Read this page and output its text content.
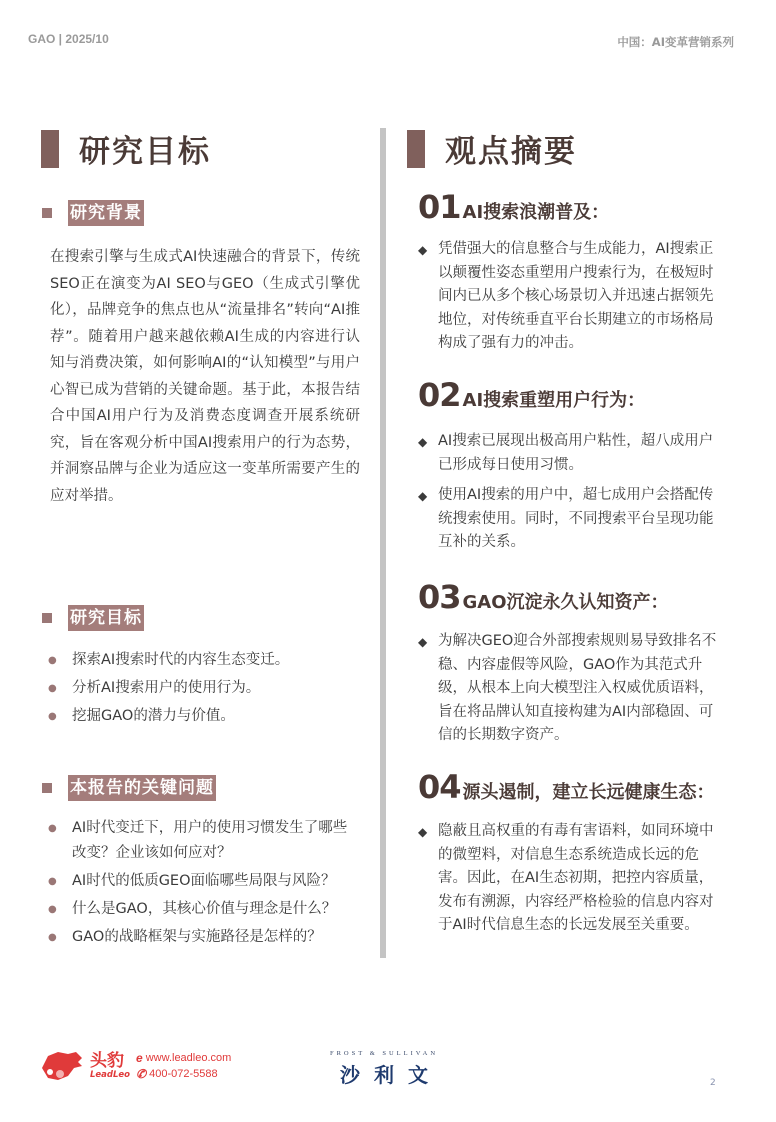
GAO | 2025/10	中国：AI变革营销系列
研究目标
研究背景
在搜索引擎与生成式AI快速融合的背景下，传统SEO正在演变为AI SEO与GEO（生成式引擎优化），品牌竞争的焦点也从“流量排名”转向“AI推荐”。随着用户越来越依赖AI生成的内容进行认知与消费决策，如何影响AI的“认知模型”与用户心智已成为营销的关键命题。基于此，本报告结合中国AI用户行为及消费态度调查开展系统研究，旨在客观分析中国AI搜索用户的行为态势，并洞察品牌与企业为适应这一变革所需要产生的应对举措。
研究目标
●	探索AI搜索时代的内容生态变迁。
●	分析AI搜索用户的使用行为。
●	挖掘GAO的潜力与价值。
本报告的关键问题
●	AI时代变迁下，用户的使用习惯发生了哪些改变？企业该如何应对？
●	AI时代的低质GEO面临哪些局限与风险？
●	什么是GAO，其核心价值与理念是什么？
●	GAO的战略框架与实施路径是怎样的？
观点摘要
01 AI搜索浪潮普及：
◆ 凭借强大的信息整合与生成能力，AI搜索正以颠覆性姿态重塑用户搜索行为，在极短时间内已从多个核心场景切入并迅速占据领先地位，对传统垂直平台长期建立的市场格局构成了强有力的冲击。
02 AI搜索重塑用户行为：
◆ AI搜索已展现出极高用户粘性，超八成用户已形成每日使用习惯。
◆ 使用AI搜索的用户中，超七成用户会搭配传统搜索使用。同时，不同搜索平台呈现功能互补的关系。
03 GAO沉淀永久认知资产：
◆ 为解决GEO迎合外部搜索规则易导致排名不稳、内容虚假等风险，GAO作为其范式升级，从根本上向大模型注入权威优质语料，旨在将品牌认知直接构建为AI内部稳固、可信的长期数字资产。
04 源头遏制，建立长远健康生态：
◆ 隐蔽且高权重的有毒有害语料，如同环境中的微塑料，对信息生态系统造成长远的危害。因此，在AI生态初期，把控内容质量，发布有溯源，内容经严格检验的信息内容对于AI时代信息生态的长远发展至关重要。
头豹
LeadLeo
e www.leadleo.com
✆ 400-072-5588
FROST & SULLIVAN
沙利文	2
